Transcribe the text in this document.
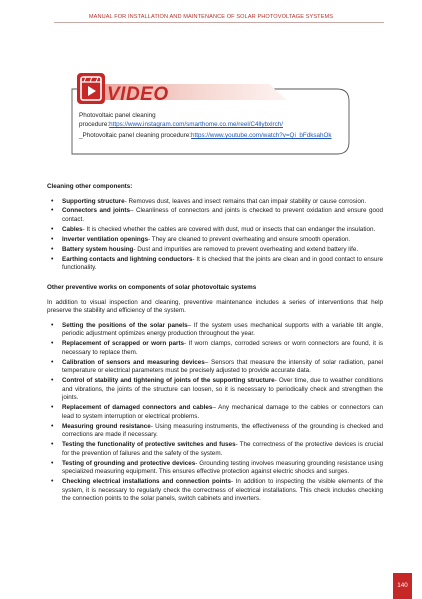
MANUAL FOR INSTALLATION AND MAINTENANCE OF SOLAR PHOTOVOLTAGE SYSTEMS
VIDEO
Photovoltaic panel cleaning
procedure:https://www.instagram.com/smarthome.co.me/reel/C4llybxlrch/
_Photovoltaic panel cleaning procedure:https://www.youtube.com/watch?v=Qi_bFdksahOk
Cleaning other components:
• Supporting structure- Removes dust, leaves and insect remains that can impair stability or cause corrosion.
• Connectors and joints– Cleanliness of connectors and joints is checked to prevent oxidation and ensure good contact.
• Cables- It is checked whether the cables are covered with dust, mud or insects that can endanger the insulation.
• Inverter ventilation openings- They are cleaned to prevent overheating and ensure smooth operation.
• Battery system housing- Dust and impurities are removed to prevent overheating and extend battery life.
• Earthing contacts and lightning conductors- It is checked that the joints are clean and in good contact to ensure functionality.
Other preventive works on components of solar photovoltaic systems
In addition to visual inspection and cleaning, preventive maintenance includes a series of interventions that help preserve the stability and efficiency of the system.
• Setting the positions of the solar panels– If the system uses mechanical supports with a variable tilt angle, periodic adjustment optimizes energy production throughout the year.
• Replacement of scrapped or worn parts- If worn clamps, corroded screws or worn connectors are found, it is necessary to replace them.
• Calibration of sensors and measuring devices– Sensors that measure the intensity of solar radiation, panel temperature or electrical parameters must be precisely adjusted to provide accurate data.
• Control of stability and tightening of joints of the supporting structure- Over time, due to weather conditions and vibrations, the joints of the structure can loosen, so it is necessary to periodically check and strengthen the joints.
• Replacement of damaged connectors and cables– Any mechanical damage to the cables or connectors can lead to system interruption or electrical problems.
• Measuring ground resistance- Using measuring instruments, the effectiveness of the grounding is checked and corrections are made if necessary.
• Testing the functionality of protective switches and fuses- The correctness of the protective devices is crucial for the prevention of failures and the safety of the system.
• Testing of grounding and protective devices- Grounding testing involves measuring grounding resistance using specialized measuring equipment. This ensures effective protection against electric shocks and surges.
• Checking electrical installations and connection points- In addition to inspecting the visible elements of the system, it is necessary to regularly check the correctness of electrical installations. This check includes checking the connection points to the solar panels, switch cabinets and inverters.
140
